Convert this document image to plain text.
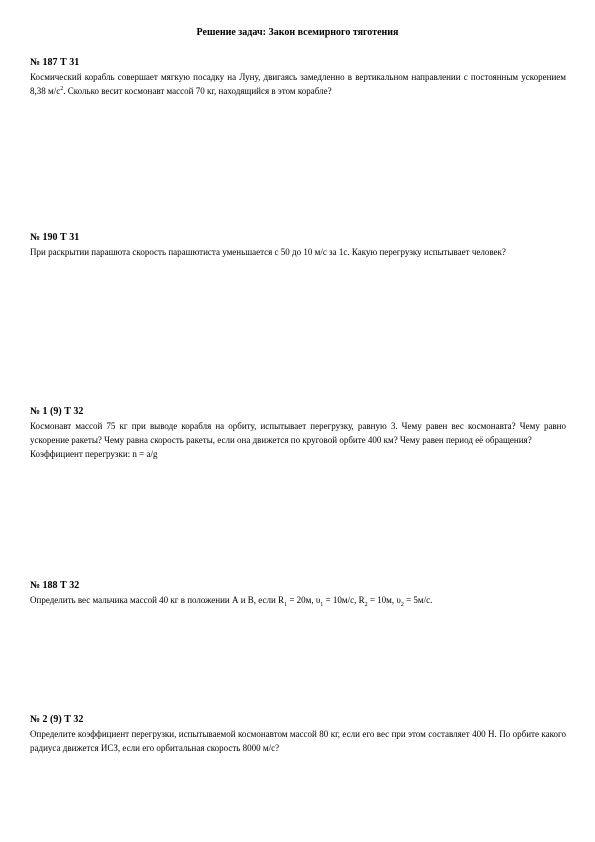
Решение задач: Закон всемирного тяготения
№ 187 Т 31
Космический корабль совершает мягкую посадку на Луну, двигаясь замедленно в вертикальном направлении с постоянным ускорением 8,38 $м/с^2$. Сколько весит космонавт массой 70 кг, находящийся в этом корабле?
№ 190 Т 31
При раскрытии парашюта скорость парашютиста уменьшается с 50 до 10 м/с за 1с. Какую перегрузку испытывает человек?
№ 1 (9) Т 32
Космонавт массой 75 кг при выводе корабля на орбиту, испытывает перегрузку, равную 3. Чему равен вес космонавта? Чему равно ускорение ракеты? Чему равна скорость ракеты, если она движется по круговой орбите 400 км? Чему равен период её обращения?
Коэффициент перегрузки: n = a/g
№ 188 Т 32
Определить вес мальчика массой 40 кг в положении А и В, если $R_1 = 20м$, $\upsilon_1 = 10м/с$, $R_2 = 10м$, $\upsilon_2 = 5м/с$.
№ 2 (9) Т 32
Определите коэффициент перегрузки, испытываемой космонавтом массой 80 кг, если его вес при этом составляет 400 Н. По орбите какого радиуса движется ИСЗ, если его орбитальная скорость 8000 м/с?
